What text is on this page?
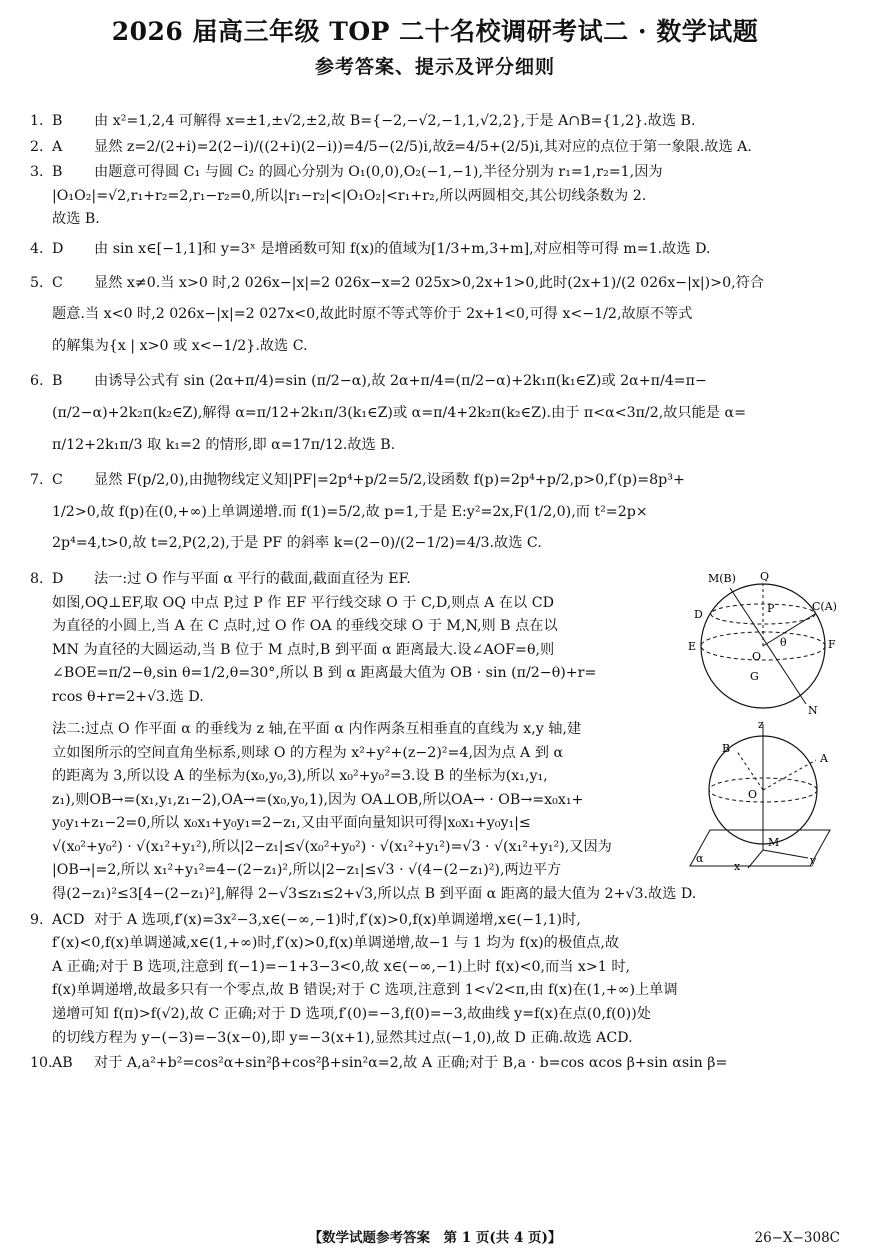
2026 届高三年级 TOP 二十名校调研考试二 · 数学试题
参考答案、提示及评分细则
1. B 由 x²=1,2,4 可解得 x=±1,±√2,±2,故 B={−2,−√2,−1,1,√2,2},于是 A∩B={1,2}.故选 B.

2. A 显然 z=2/(2+i)=2(2−i)/((2+i)(2−i))=4/5−(2/5)i,故z̄=4/5+(2/5)i,其对应的点位于第一象限.故选 A.

3. B 由题意可得圆 C₁ 与圆 C₂ 的圆心分别为 O₁(0,0),O₂(−1,−1),半径分别为 r₁=1,r₂=1,因为

|O₁O₂|=√2,r₁+r₂=2,r₁−r₂=0,所以|r₁−r₂|<|O₁O₂|<r₁+r₂,所以两圆相交,其公切线条数为 2.

故选 B.

4. D 由 sin x∈[−1,1]和 y=3ˣ 是增函数可知 f(x)的值域为[1/3+m,3+m],对应相等可得 m=1.故选 D.

5. C 显然 x≠0.当 x>0 时,2 026x−|x|=2 026x−x=2 025x>0,2x+1>0,此时(2x+1)/(2 026x−|x|)>0,符合

题意.当 x<0 时,2 026x−|x|=2 027x<0,故此时原不等式等价于 2x+1<0,可得 x<−1/2,故原不等式

的解集为{x | x>0 或 x<−1/2}.故选 C.

6. B 由诱导公式有 sin (2α+π/4)=sin (π/2−α),故 2α+π/4=(π/2−α)+2k₁π(k₁∈Z)或 2α+π/4=π−

(π/2−α)+2k₂π(k₂∈Z),解得 α=π/12+2k₁π/3(k₁∈Z)或 α=π/4+2k₂π(k₂∈Z).由于 π<α<3π/2,故只能是 α=

π/12+2k₁π/3 取 k₁=2 的情形,即 α=17π/12.故选 B.

7. C 显然 F(p/2,0),由抛物线定义知|PF|=2p⁴+p/2=5/2,设函数 f(p)=2p⁴+p/2,p>0,f′(p)=8p³+

1/2>0,故 f(p)在(0,+∞)上单调递增.而 f(1)=5/2,故 p=1,于是 E:y²=2x,F(1/2,0),而 t²=2p×

2p⁴=4,t>0,故 t=2,P(2,2),于是 PF 的斜率 k=(2−0)/(2−1/2)=4/3.故选 C.

8. D 法一:过 O 作与平面 α 平行的截面,截面直径为 EF.

如图,OQ⊥EF,取 OQ 中点 P,过 P 作 EF 平行线交球 O 于 C,D,则点 A 在以 CD

为直径的小圆上,当 A 在 C 点时,过 O 作 OA 的垂线交球 O 于 M,N,则 B 点在以

MN 为直径的大圆运动,当 B 位于 M 点时,B 到平面 α 距离最大.设∠AOF=θ,则

∠BOE=π/2−θ,sin θ=1/2,θ=30°,所以 B 到 α 距离最大值为 OB · sin (π/2−θ)+r=

rcos θ+r=2+√3.选 D.

M(B) Q
D	P	C(A)
E
O
θ	F
G
N

法二:过点 O 作平面 α 的垂线为 z 轴,在平面 α 内作两条互相垂直的直线为 x,y 轴,建

立如图所示的空间直角坐标系,则球 O 的方程为 x²+y²+(z−2)²=4,因为点 A 到 α

的距离为 3,所以设 A 的坐标为(x₀,y₀,3),所以 x₀²+y₀²=3.设 B 的坐标为(x₁,y₁,

z₁),则OB→=(x₁,y₁,z₁−2),OA→=(x₀,y₀,1),因为 OA⊥OB,所以OA→ · OB→=x₀x₁+

y₀y₁+z₁−2=0,所以 x₀x₁+y₀y₁=2−z₁,又由平面向量知识可得|x₀x₁+y₀y₁|≤

√(x₀²+y₀²) · √(x₁²+y₁²),所以|2−z₁|≤√(x₀²+y₀²) · √(x₁²+y₁²)=√3 · √(x₁²+y₁²),又因为

|OB→|=2,所以 x₁²+y₁²=4−(2−z₁)²,所以|2−z₁|≤√3 · √(4−(2−z₁)²),两边平方

z
B
A
O
M
α
x	y

得(2−z₁)²≤3[4−(2−z₁)²],解得 2−√3≤z₁≤2+√3,所以点 B 到平面 α 距离的最大值为 2+√3.故选 D.

9. ACD 对于 A 选项,f′(x)=3x²−3,x∈(−∞,−1)时,f′(x)>0,f(x)单调递增,x∈(−1,1)时,

f′(x)<0,f(x)单调递减,x∈(1,+∞)时,f′(x)>0,f(x)单调递增,故−1 与 1 均为 f(x)的极值点,故

A 正确;对于 B 选项,注意到 f(−1)=−1+3−3<0,故 x∈(−∞,−1)上时 f(x)<0,而当 x>1 时,

f(x)单调递增,故最多只有一个零点,故 B 错误;对于 C 选项,注意到 1<√2<π,由 f(x)在(1,+∞)上单调

递增可知 f(π)>f(√2),故 C 正确;对于 D 选项,f′(0)=−3,f(0)=−3,故曲线 y=f(x)在点(0,f(0))处

的切线方程为 y−(−3)=−3(x−0),即 y=−3(x+1),显然其过点(−1,0),故 D 正确.故选 ACD.

10. AB 对于 A,a²+b²=cos²α+sin²β+cos²β+sin²α=2,故 A 正确;对于 B,a · b=cos αcos β+sin αsin β=

【数学试题参考答案　第 1 页(共 4 页)】	26−X−308C
